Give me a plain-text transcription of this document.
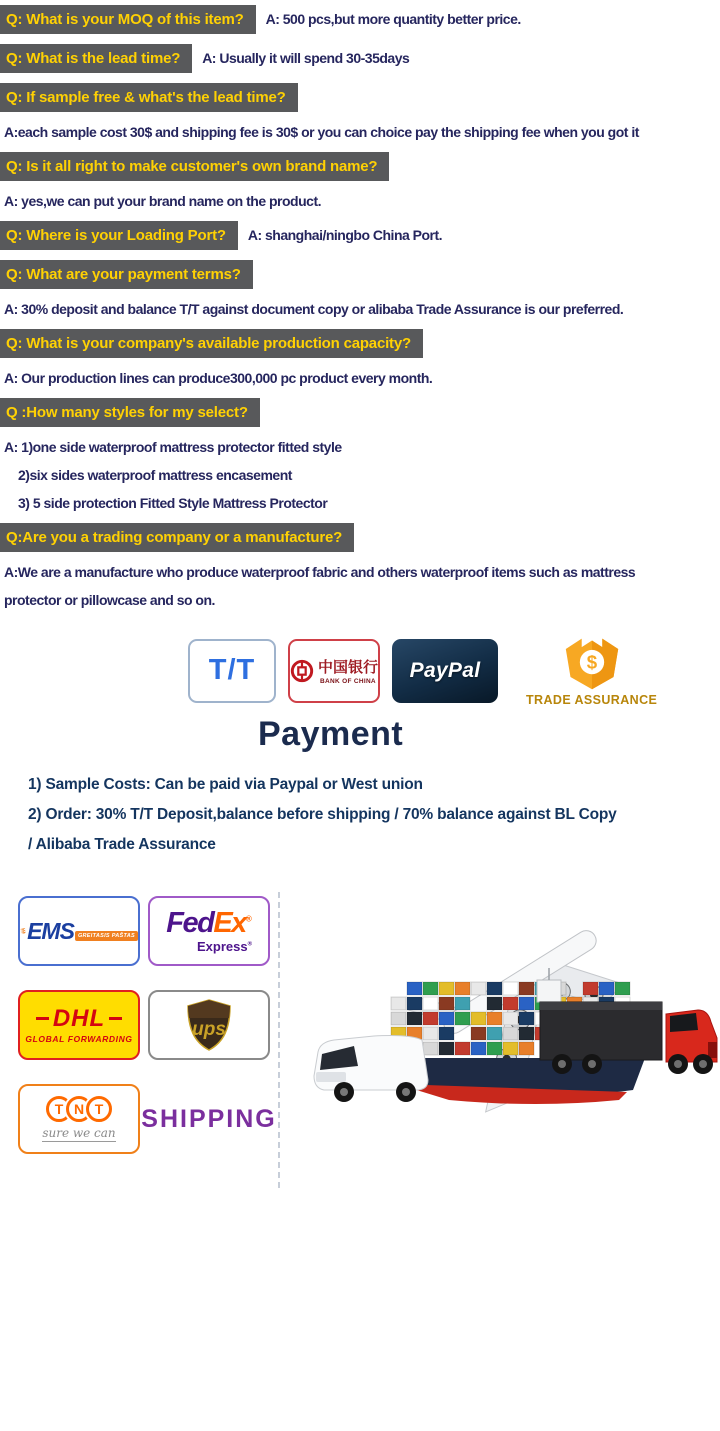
Q: What is your MOQ of this item?	A: 500 pcs,but more quantity better price.
Q: What is the lead time?	A: Usually it will spend 30-35days
Q: If sample free & what's the lead time?
A:each sample cost 30$ and shipping fee is 30$ or you can choice pay the shipping fee when you got it
Q: Is it all right to make customer's own brand name?
A: yes,we can put your brand name on the product.
Q: Where is your Loading Port?	A: shanghai/ningbo China Port.
Q: What are your payment terms?
A: 30% deposit and balance T/T against document copy or alibaba Trade Assurance is our preferred.
Q: What is your company's available production capacity?
A: Our production lines can produce300,000 pc product every month.
Q :How many styles for my select?
A: 1)one side waterproof mattress protector fitted style
2)six sides waterproof mattress encasement
3) 5 side protection Fitted Style Mattress Protector
Q:Are you a trading company or a manufacture?
A:We are a manufacture who produce waterproof fabric and others waterproof items such as mattress
protector or pillowcase and so on.
T/T	中国银行
BANK OF CHINA PayPal	$
TRADE ASSURANCE
Payment
1) Sample Costs: Can be paid via Paypal or West union
2) Order: 30% T/T Deposit,balance before shipping / 70% balance against BL Copy
/ Alibaba Trade Assurance
EMS GREITASIS PAŠTAS FedEx®
Express®
DHL
GLOBAL FORWARDING	ups
T N T
sure we can
SHIPPING
